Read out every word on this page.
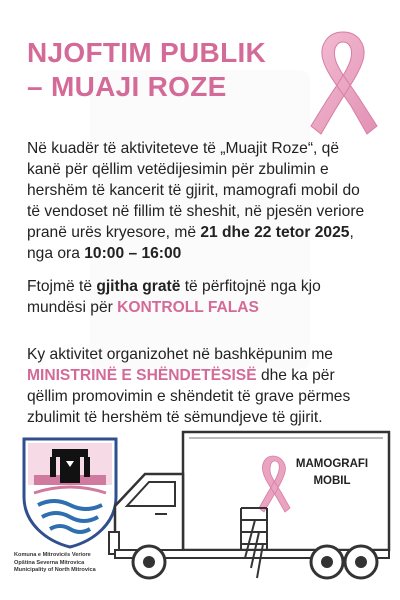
NJOFTIM PUBLIK
– MUAJI ROZE
Në kuadër të aktiviteteve të „Muajit Roze“, që kanë për qëllim vetëdijesimin për zbulimin e hershëm të kancerit të gjirit, mamografi mobil do të vendoset në fillim të sheshit, në pjesën veriore pranë urës kryesore, më 21 dhe 22 tetor 2025, nga ora 10:00 – 16:00
Ftojmë të gjitha gratë të përfitojnë nga kjo mundësi për KONTROLL FALAS
Ky aktivitet organizohet në bashkëpunim me MINISTRINË E SHËNDETËSISË dhe ka për qëllim promovimin e shëndetit të grave përmes zbulimit të hershëm të sëmundjeve të gjirit.
Komuna e Mitrovicës Veriore
Opština Severna Mitrovica
Municipality of North Mitrovica
MAMOGRAFI
MOBIL
